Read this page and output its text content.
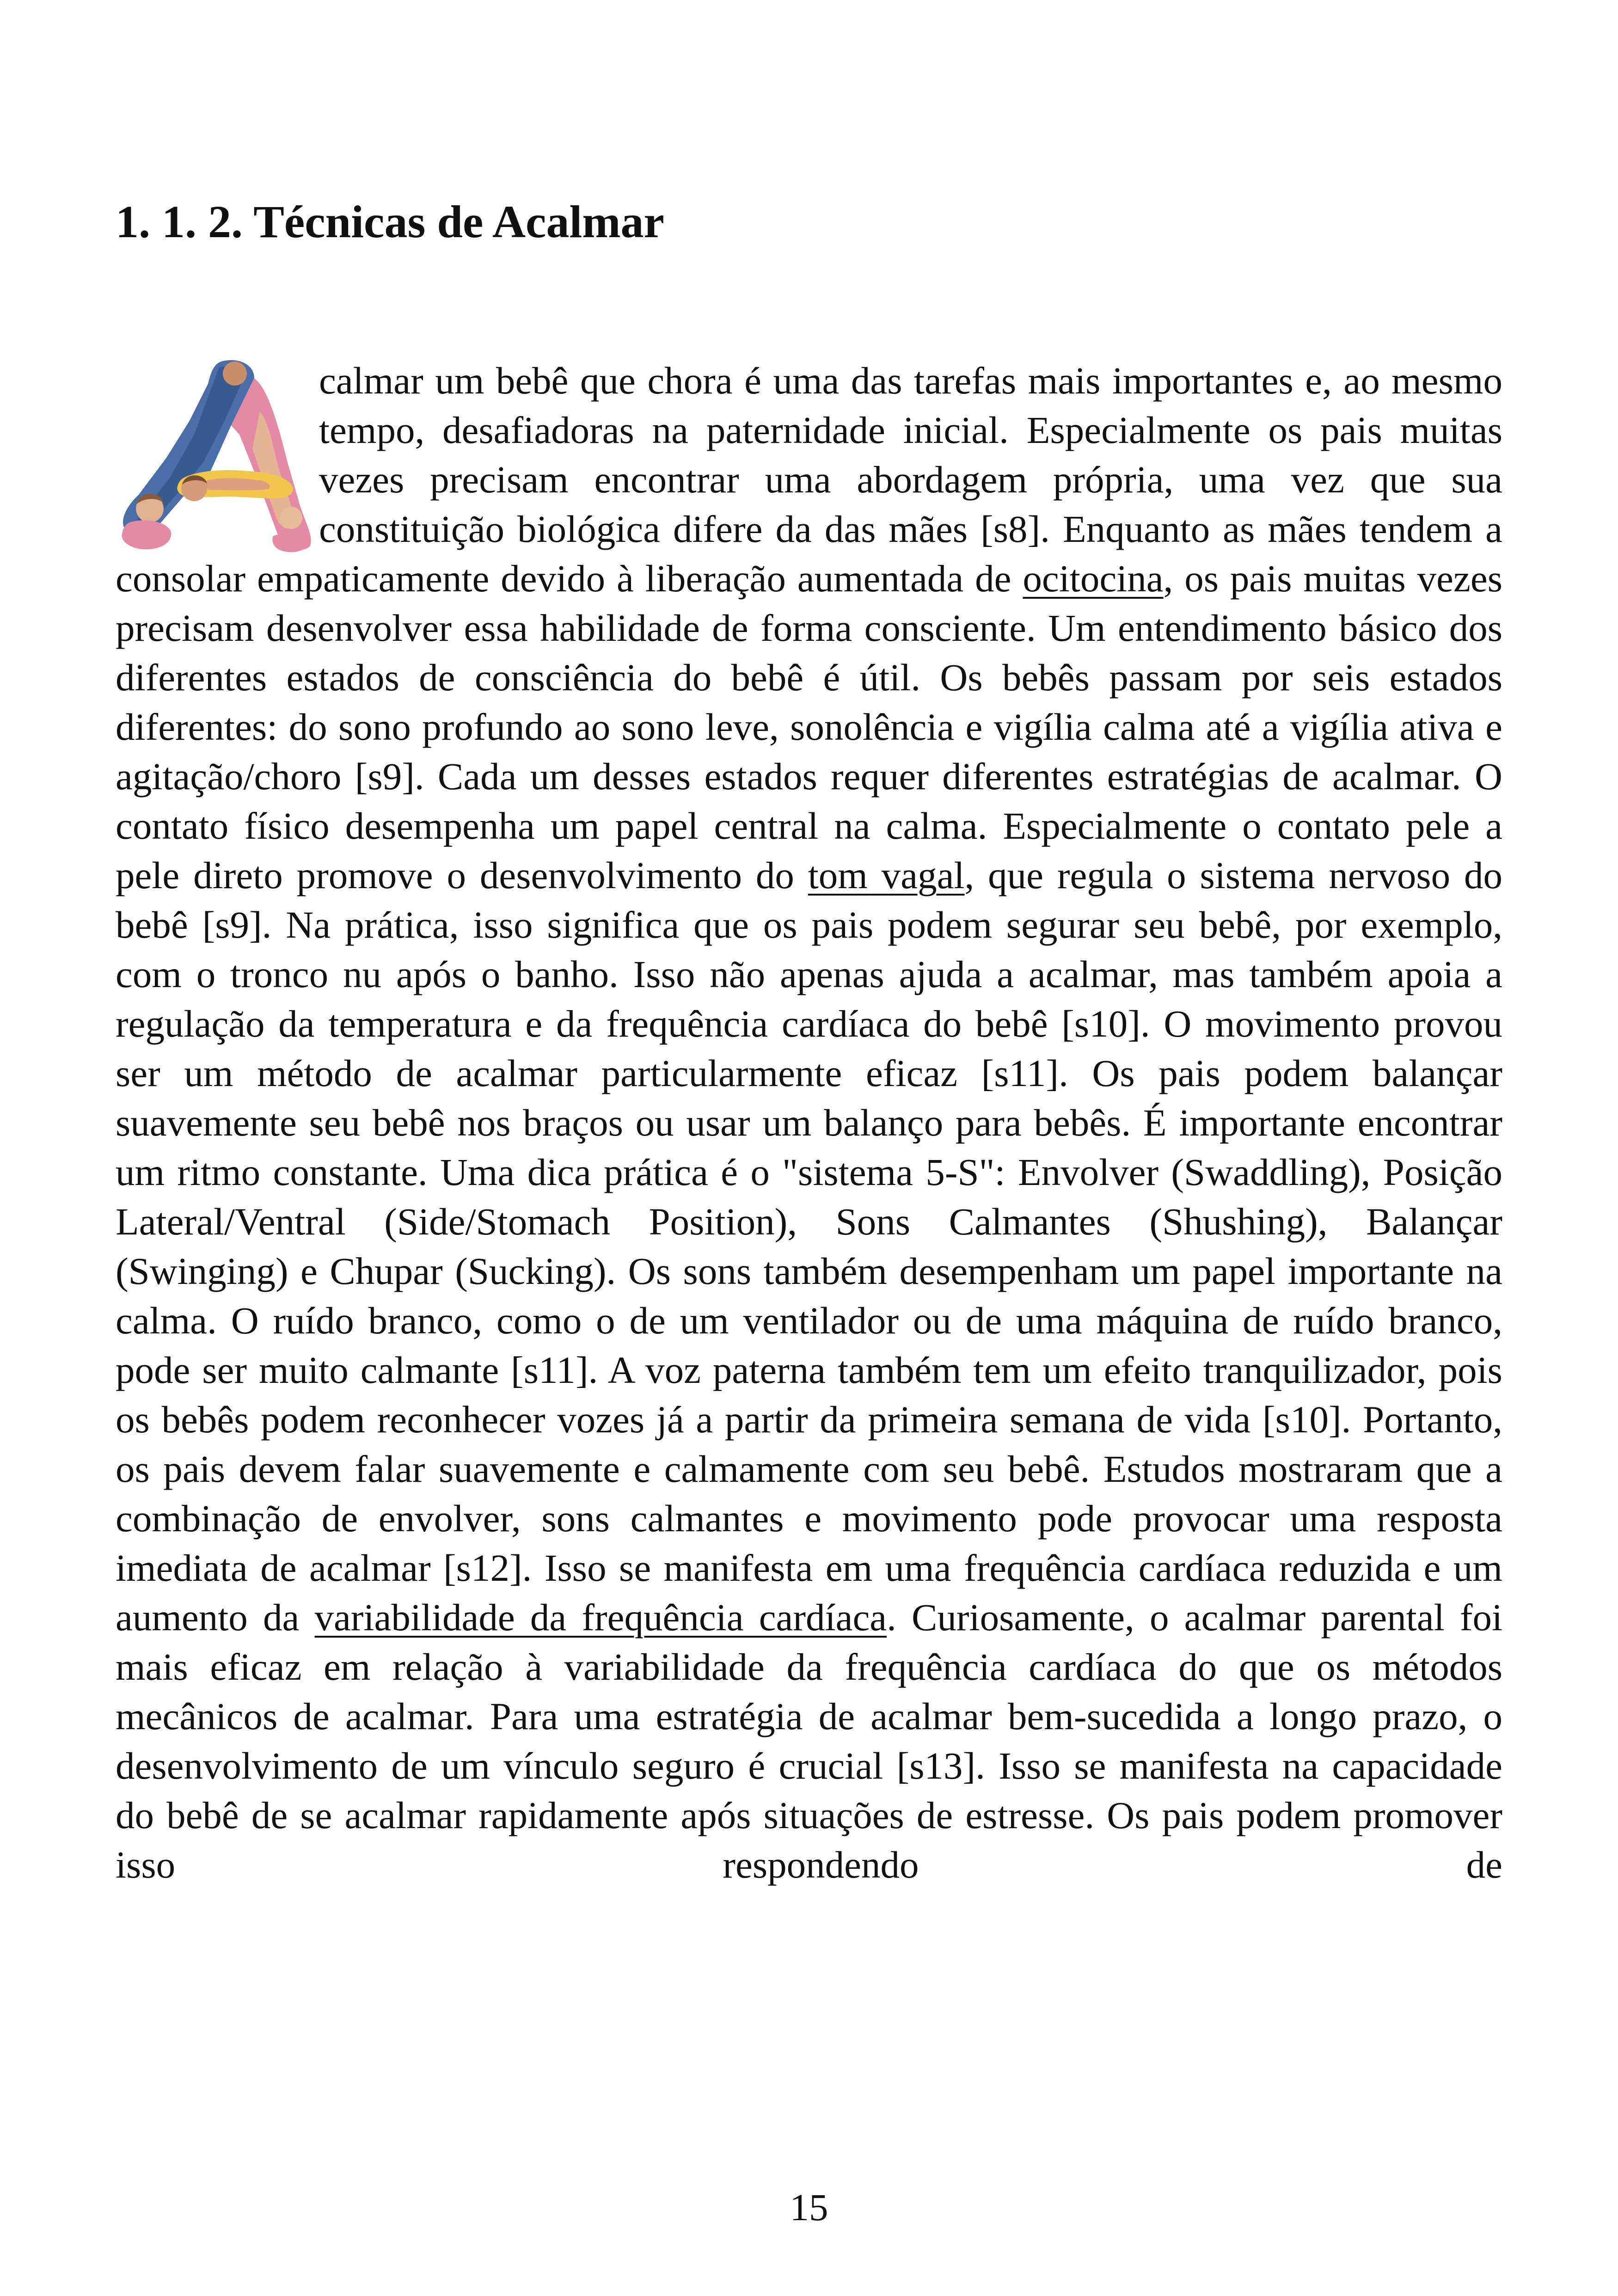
1. 1. 2. Técnicas de Acalmar

calmar um bebê que chora é uma das tarefas mais importantes e, ao mesmo tempo, desafiadoras na paternidade inicial. Especialmente os pais muitas vezes precisam encontrar uma abordagem própria, uma vez que sua constituição biológica difere da das mães [s8]. Enquanto as mães tendem a consolar empaticamente devido à liberação aumentada de ocitocina, os pais muitas vezes precisam desenvolver essa habilidade de forma consciente. Um entendimento básico dos diferentes estados de consciência do bebê é útil. Os bebês passam por seis estados diferentes: do sono profundo ao sono leve, sonolência e vigília calma até a vigília ativa e agitação/choro [s9]. Cada um desses estados requer diferentes estratégias de acalmar. O contato físico desempenha um papel central na calma. Especialmente o contato pele a pele direto promove o desenvolvimento do tom vagal, que regula o sistema nervoso do bebê [s9]. Na prática, isso significa que os pais podem segurar seu bebê, por exemplo, com o tronco nu após o banho. Isso não apenas ajuda a acalmar, mas também apoia a regulação da temperatura e da frequência cardíaca do bebê [s10]. O movimento provou ser um método de acalmar particularmente eficaz [s11]. Os pais podem balançar suavemente seu bebê nos braços ou usar um balanço para bebês. É importante encontrar um ritmo constante. Uma dica prática é o "sistema 5-S": Envolver (Swaddling), Posição Lateral/Ventral (Side/Stomach Position), Sons Calmantes (Shushing), Balançar (Swinging) e Chupar (Sucking). Os sons também desempenham um papel importante na calma. O ruído branco, como o de um ventilador ou de uma máquina de ruído branco, pode ser muito calmante [s11]. A voz paterna também tem um efeito tranquilizador, pois os bebês podem reconhecer vozes já a partir da primeira semana de vida [s10]. Portanto, os pais devem falar suavemente e calmamente com seu bebê. Estudos mostraram que a combinação de envolver, sons calmantes e movimento pode provocar uma resposta imediata de acalmar [s12]. Isso se manifesta em uma frequência cardíaca reduzida e um aumento da variabilidade da frequência cardíaca. Curiosamente, o acalmar parental foi mais eficaz em relação à variabilidade da frequência cardíaca do que os métodos mecânicos de acalmar. Para uma estratégia de acalmar bem-sucedida a longo prazo, o desenvolvimento de um vínculo seguro é crucial [s13]. Isso se manifesta na capacidade do bebê de se acalmar rapidamente após situações de estresse. Os pais podem promover isso respondendo de

15
